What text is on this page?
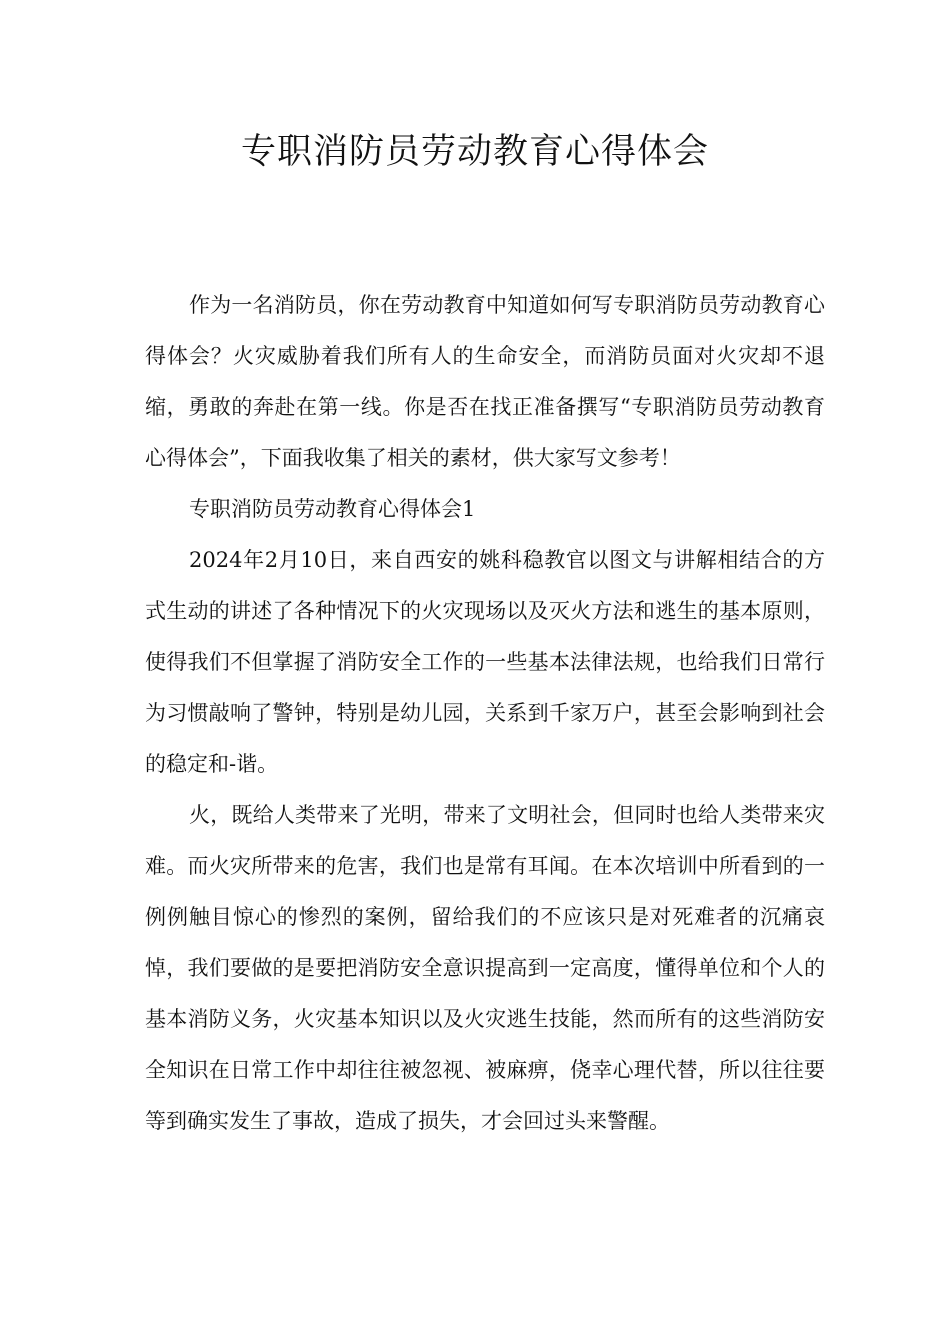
专职消防员劳动教育心得体会

作为一名消防员，你在劳动教育中知道如何写专职消防员劳动教育心得体会？火灾威胁着我们所有人的生命安全，而消防员面对火灾却不退缩，勇敢的奔赴在第一线。你是否在找正准备撰写“专职消防员劳动教育心得体会”，下面我收集了相关的素材，供大家写文参考！

专职消防员劳动教育心得体会1

2024年2月10日，来自西安的姚科稳教官以图文与讲解相结合的方式生动的讲述了各种情况下的火灾现场以及灭火方法和逃生的基本原则，使得我们不但掌握了消防安全工作的一些基本法律法规，也给我们日常行为习惯敲响了警钟，特别是幼儿园，关系到千家万户，甚至会影响到社会的稳定和-谐。

火，既给人类带来了光明，带来了文明社会，但同时也给人类带来灾难。而火灾所带来的危害，我们也是常有耳闻。在本次培训中所看到的一例例触目惊心的惨烈的案例，留给我们的不应该只是对死难者的沉痛哀悼，我们要做的是要把消防安全意识提高到一定高度，懂得单位和个人的基本消防义务，火灾基本知识以及火灾逃生技能，然而所有的这些消防安全知识在日常工作中却往往被忽视、被麻痹，侥幸心理代替，所以往往要等到确实发生了事故，造成了损失，才会回过头来警醒。
